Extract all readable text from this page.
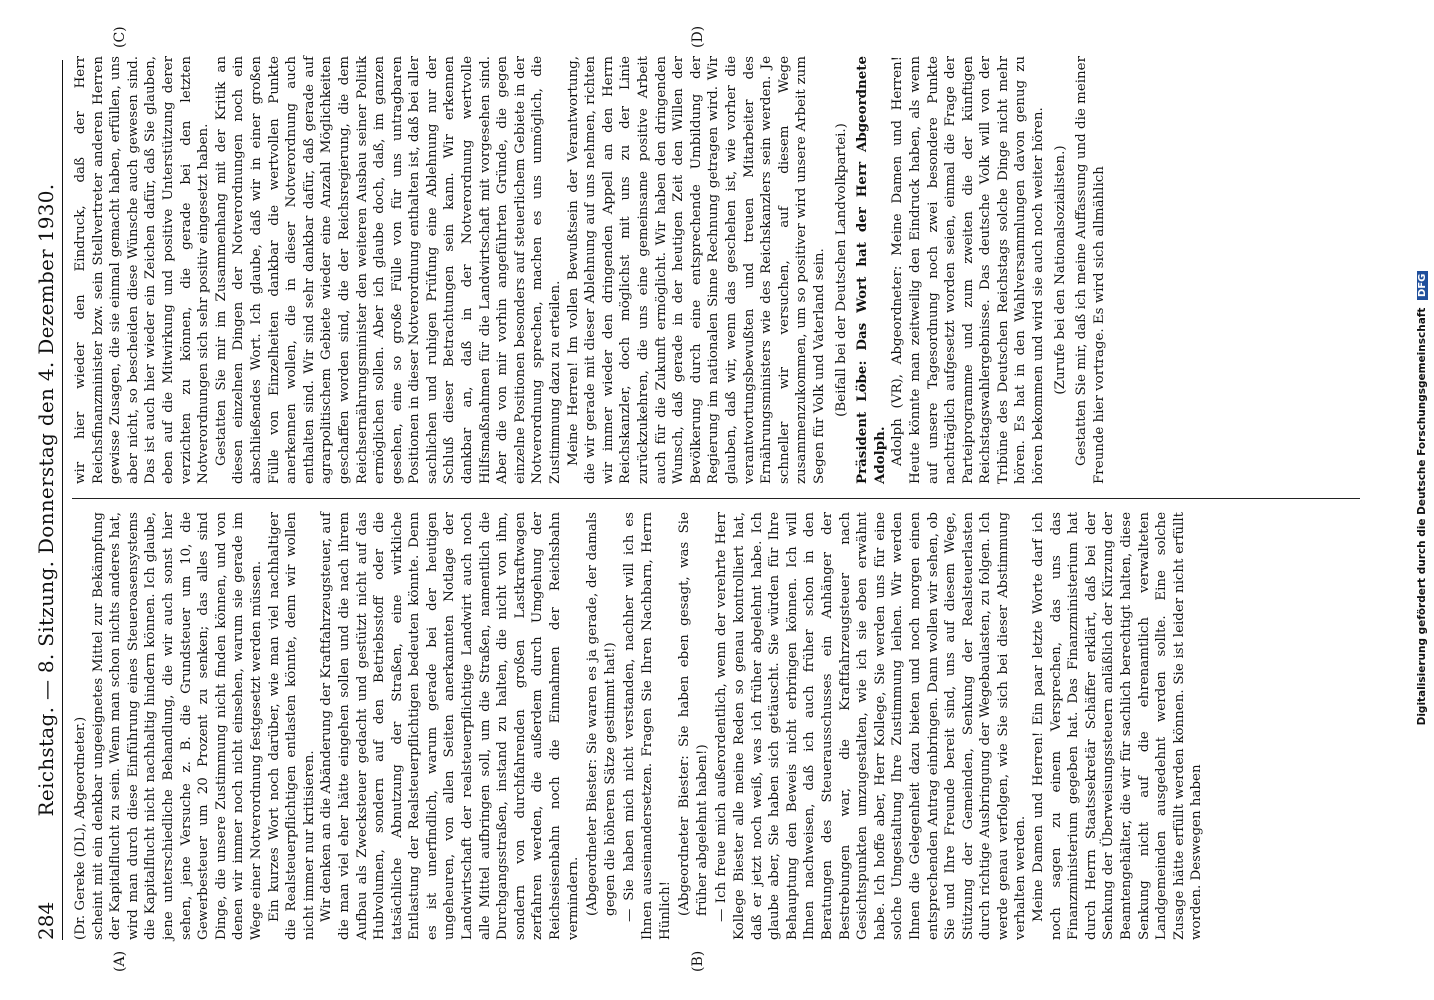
284
Reichstag. — 8. Sitzung. Donnerstag den 4. Dezember 1930.
(A)	(B)
(C)	(D)

(Dr. Gereke (DL), Abgeordneter.) scheint mit ein denkbar ungeeignetes Mittel zur Bekämpfung der Kapitalflucht zu sein. Wenn man schon nichts anderes hat, wird man durch diese Einführung eines Steueroasensystems die Kapitalflucht nicht nachhaltig hindern können. Ich glaube, jene unterschiedliche Behandlung, die wir auch sonst hier sehen, jene Versuche z. B. die Grundsteuer um 10, die Gewerbesteuer um 20 Prozent zu senken; das alles sind Dinge, die unsere Zustimmung nicht finden können, und von denen wir immer noch nicht einsehen, warum sie gerade im Wege einer Notverordnung festgesetzt werden müssen. Ein kurzes Wort noch darüber, wie man viel nachhaltiger die Realsteuerpflichtigen entlasten könnte, denn wir wollen nicht immer nur kritisieren. Wir denken an die Abänderung der Kraftfahrzeugsteuer, auf die man viel eher hätte eingehen sollen und die nach ihrem Aufbau als Zwecksteuer gedacht und gestützt nicht auf das Hubvolumen, sondern auf den Betriebsstoff oder die tatsächliche Abnutzung der Straßen, eine wirkliche Entlastung der Realsteuerpflichtigen bedeuten könnte. Denn es ist unerfindlich, warum gerade bei der heutigen ungeheuren, von allen Seiten anerkannten Notlage der Landwirtschaft der realsteuerpflichtige Landwirt auch noch alle Mittel aufbringen soll, um die Straßen, namentlich die Durchgangsstraßen, instand zu halten, die nicht von ihm, sondern von durchfahrenden großen Lastkraftwagen zerfahren werden, die außerdem durch Umgehung der Reichseisenbahn noch die Einnahmen der Reichsbahn vermindern. (Abgeordneter Biester: Sie waren es ja gerade, der damals gegen die höheren Sätze gestimmt hat!) — Sie haben mich nicht verstanden, nachher will ich es Ihnen auseinandersetzen. Fragen Sie Ihren Nachbarn, Herrn Hünlich! (Abgeordneter Biester: Sie haben eben gesagt, was Sie früher abgelehnt haben!) — Ich freue mich außerordentlich, wenn der verehrte Herr Kollege Biester alle meine Reden so genau kontrolliert hat, daß er jetzt noch weiß, was ich früher abgelehnt habe. Ich glaube aber, Sie haben sich getäuscht. Sie würden für Ihre Behauptung den Beweis nicht erbringen können. Ich will Ihnen nachweisen, daß ich auch früher schon in den Beratungen des Steuerausschusses ein Anhänger der Bestrebungen war, die Kraftfahrzeugsteuer nach Gesichtspunkten umzugestalten, wie ich sie eben erwähnt habe. Ich hoffe aber, Herr Kollege, Sie werden uns für eine solche Umgestaltung Ihre Zustimmung leihen. Wir werden Ihnen die Gelegenheit dazu bieten und noch morgen einen entsprechenden Antrag einbringen. Dann wollen wir sehen, ob Sie und Ihre Freunde bereit sind, uns auf diesem Wege, Stützung der Gemeinden, Senkung der Realsteuerlasten durch richtige Ausbringung der Wegebaulasten, zu folgen. Ich werde genau verfolgen, wie Sie sich bei dieser Abstimmung verhalten werden. Meine Damen und Herren! Ein paar letzte Worte darf ich noch sagen zu einem Versprechen, das uns das Finanzministerium gegeben hat. Das Finanzministerium hat durch Herrn Staatssekretär Schäffer erklärt, daß bei der Senkung der Überweisungssteuern anläßlich der Kürzung der Beamtengehälter, die wir für sachlich berechtigt halten, diese Senkung nicht auf die ehrenamtlich verwalteten Landgemeinden ausgedehnt werden sollte. Eine solche Zusage hätte erfüllt werden können. Sie ist leider nicht erfüllt worden. Deswegen haben

wir hier wieder den Eindruck, daß der Herr Reichsfinanzminister bzw. sein Stellvertreter anderen Herren gewisse Zusagen, die sie einmal gemacht haben, erfüllen, uns aber nicht, so bescheiden diese Wünsche auch gewesen sind. Das ist auch hier wieder ein Zeichen dafür, daß Sie glauben, eben auf die Mitwirkung und positive Unterstützung derer verzichten zu können, die gerade bei den letzten Notverordnungen sich sehr positiv eingesetzt haben. Gestatten Sie mir im Zusammenhang mit der Kritik an diesen einzelnen Dingen der Notverordnungen noch ein abschließendes Wort. Ich glaube, daß wir in einer großen Fülle von Einzelheiten dankbar die wertvollen Punkte anerkennen wollen, die in dieser Notverordnung auch enthalten sind. Wir sind sehr dankbar dafür, daß gerade auf agrarpolitischem Gebiete wieder eine Anzahl Möglichkeiten geschaffen worden sind, die der Reichsregierung, die dem Reichsernährungsminister den weiteren Ausbau seiner Politik ermöglichen sollen. Aber ich glaube doch, daß, im ganzen gesehen, eine so große Fülle von für uns untragbaren Positionen in dieser Notverordnung enthalten ist, daß bei aller sachlichen und ruhigen Prüfung eine Ablehnung nur der Schluß dieser Betrachtungen sein kann. Wir erkennen dankbar an, daß in der Notverordnung wertvolle Hilfsmaßnahmen für die Landwirtschaft mit vorgesehen sind. Aber die von mir vorhin angeführten Gründe, die gegen einzelne Positionen besonders auf steuerlichem Gebiete in der Notverordnung sprechen, machen es uns unmöglich, die Zustimmung dazu zu erteilen. Meine Herren! Im vollen Bewußtsein der Verantwortung, die wir gerade mit dieser Ablehnung auf uns nehmen, richten wir immer wieder den dringenden Appell an den Herrn Reichskanzler, doch möglichst mit uns zu der Linie zurückzukehren, die uns eine gemeinsame positive Arbeit auch für die Zukunft ermöglicht. Wir haben den dringenden Wunsch, daß gerade in der heutigen Zeit den Willen der Bevölkerung durch eine entsprechende Umbildung der Regierung im nationalen Sinne Rechnung getragen wird. Wir glauben, daß wir, wenn das geschehen ist, wie vorher die verantwortungsbewußten und treuen Mitarbeiter des Ernährungsministers wie des Reichskanzlers sein werden. Je schneller wir versuchen, auf diesem Wege zusammenzukommen, um so positiver wird unsere Arbeit zum Segen für Volk und Vaterland sein. (Beifall bei der Deutschen Landvolkpartei.) Präsident Löbe: Das Wort hat der Herr Abgeordnete Adolph. Adolph (VR), Abgeordneter: Meine Damen und Herren! Heute könnte man zeitweilig den Eindruck haben, als wenn auf unsere Tagesordnung noch zwei besondere Punkte nachträglich aufgesetzt worden seien, einmal die Frage der Parteiprogramme und zum zweiten die der künftigen Reichstagswahlergebnisse. Das deutsche Volk will von der Tribüne des Deutschen Reichstags solche Dinge nicht mehr hören. Es hat in den Wahlversammlungen davon genug zu hören bekommen und wird sie auch noch weiter hören. (Zurufe bei den Nationalsozialisten.) Gestatten Sie mir, daß ich meine Auffassung und die meiner Freunde hier vortrage. Es wird sich allmählich	Digitalisierung gefördert durch die Deutsche Forschungsgemeinschaft DFG
